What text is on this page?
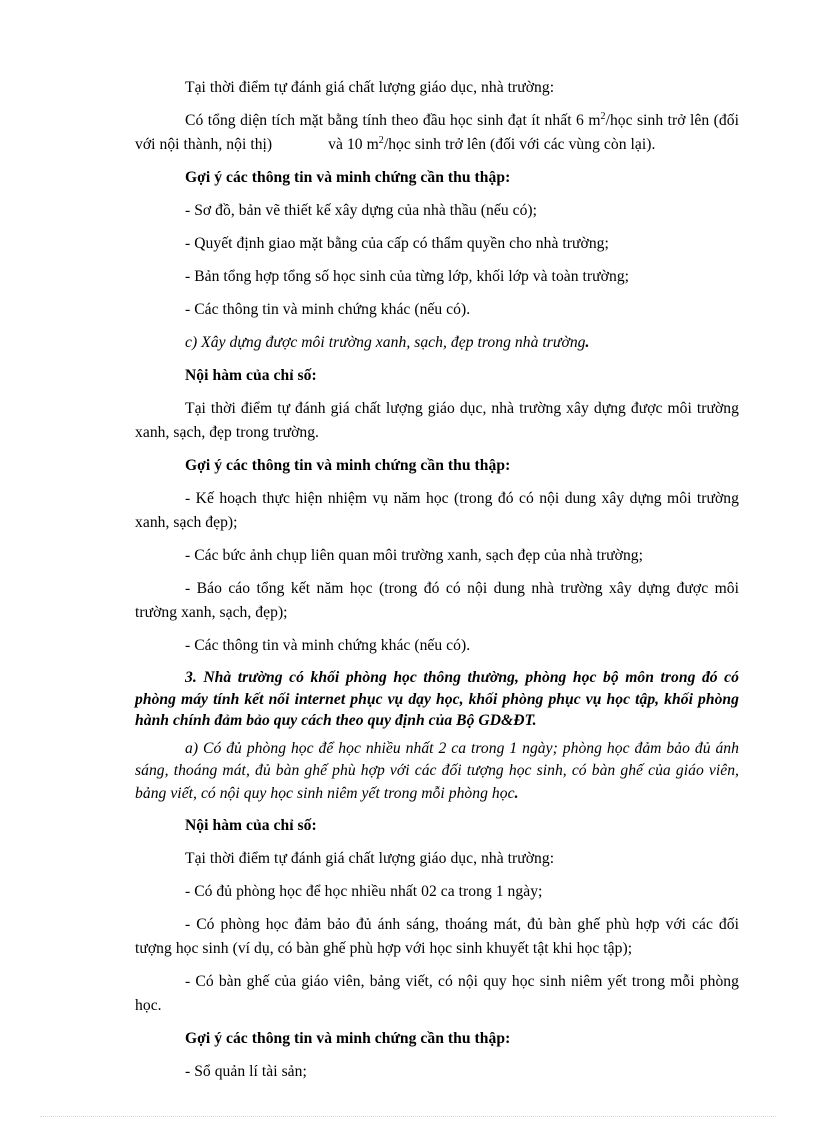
Tại thời điểm tự đánh giá chất lượng giáo dục, nhà trường:

Có tổng diện tích mặt bằng tính theo đầu học sinh đạt ít nhất 6 $m^2$/học sinh trở lên (đối với nội thành, nội thị)	và 10 $m^2$/học sinh trở lên (đối với các vùng còn lại).

Gợi ý các thông tin và minh chứng cần thu thập:

- Sơ đồ, bản vẽ thiết kế xây dựng của nhà thầu (nếu có);

- Quyết định giao mặt bằng của cấp có thẩm quyền cho nhà trường;

- Bản tổng hợp tổng số học sinh của từng lớp, khối lớp và toàn trường;

- Các thông tin và minh chứng khác (nếu có).

c) Xây dựng được môi trường xanh, sạch, đẹp trong nhà trường.

Nội hàm của chỉ số:

Tại thời điểm tự đánh giá chất lượng giáo dục, nhà trường xây dựng được môi trường xanh, sạch, đẹp trong trường.

Gợi ý các thông tin và minh chứng cần thu thập:

- Kế hoạch thực hiện nhiệm vụ năm học (trong đó có nội dung xây dựng môi trường xanh, sạch đẹp);

- Các bức ảnh chụp liên quan môi trường xanh, sạch đẹp của nhà trường;

- Báo cáo tổng kết năm học (trong đó có nội dung nhà trường xây dựng được môi trường xanh, sạch, đẹp);

- Các thông tin và minh chứng khác (nếu có).

3. Nhà trường có khối phòng học thông thường, phòng học bộ môn trong đó có phòng máy tính kết nối internet phục vụ dạy học, khối phòng phục vụ học tập, khối phòng hành chính đảm bảo quy cách theo quy định của Bộ GD&ĐT.

a) Có đủ phòng học để học nhiều nhất 2 ca trong 1 ngày; phòng học đảm bảo đủ ánh sáng, thoáng mát, đủ bàn ghế phù hợp với các đối tượng học sinh, có bàn ghế của giáo viên, bảng viết, có nội quy học sinh niêm yết trong mỗi phòng học.

Nội hàm của chỉ số:

Tại thời điểm tự đánh giá chất lượng giáo dục, nhà trường:

- Có đủ phòng học để học nhiều nhất 02 ca trong 1 ngày;

- Có phòng học đảm bảo đủ ánh sáng, thoáng mát, đủ bàn ghế phù hợp với các đối tượng học sinh (ví dụ, có bàn ghế phù hợp với học sinh khuyết tật khi học tập);

- Có bàn ghế của giáo viên, bảng viết, có nội quy học sinh niêm yết trong mỗi phòng học.

Gợi ý các thông tin và minh chứng cần thu thập:

- Sổ quản lí tài sản;
